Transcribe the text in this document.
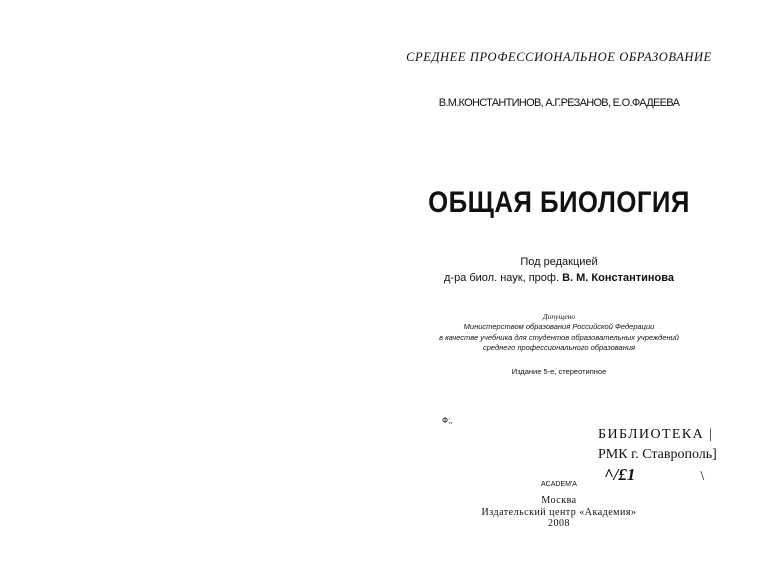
СРЕДНЕЕ ПРОФЕССИОНАЛЬНОЕ ОБРАЗОВАНИЕ
В.М.КОНСТАНТИНОВ, А.Г.РЕЗАНОВ, Е.О.ФАДЕЕВА
ОБЩАЯ БИОЛОГИЯ
Под редакцией
д-ра биол. наук, проф. В. М. Константинова
Допущено
Министерством образования Российской Федерации
в качестве учебника для студентов образовательных учреждений
среднего профессионального образования
Издание 5-е, стереотипное
Ф;,
БИБЛИОТЕКА |
РМК г. Ставрополь]
^/£1	\
ACADEM'A
Москва
Издательский центр «Академия»
2008
